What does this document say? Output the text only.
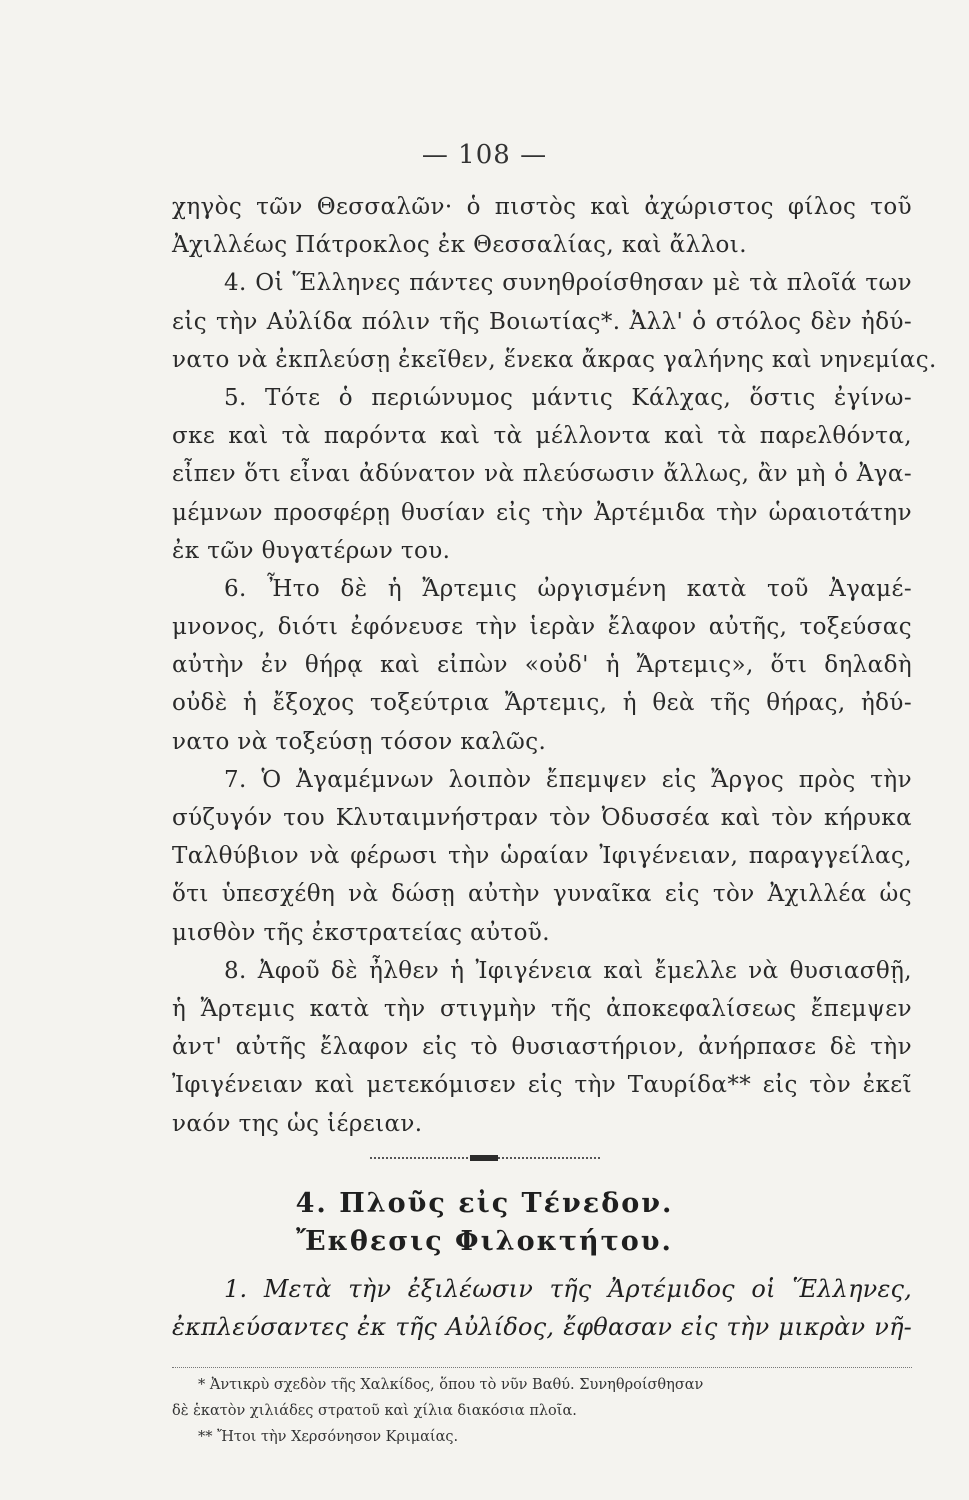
— 108 —
χηγὸς τῶν Θεσσαλῶν· ὁ πιστὸς καὶ ἀχώριστος φίλος τοῦ
Ἀχιλλέως Πάτροκλος ἐκ Θεσσαλίας, καὶ ἄλλοι.
4. Οἱ Ἕλληνες πάντες συνηθροίσθησαν μὲ τὰ πλοῖά των
εἰς τὴν Αὐλίδα πόλιν τῆς Βοιωτίας*. Ἀλλ' ὁ στόλος δὲν ἠδύ-
νατο νὰ ἐκπλεύσῃ ἐκεῖθεν, ἕνεκα ἄκρας γαλήνης καὶ νηνεμίας.
5. Τότε ὁ περιώνυμος μάντις Κάλχας, ὅστις ἐγίνω-
σκε καὶ τὰ παρόντα καὶ τὰ μέλλοντα καὶ τὰ παρελθόντα,
εἶπεν ὅτι εἶναι ἀδύνατον νὰ πλεύσωσιν ἄλλως, ἂν μὴ ὁ Ἀγα-
μέμνων προσφέρῃ θυσίαν εἰς τὴν Ἀρτέμιδα τὴν ὡραιοτάτην
ἐκ τῶν θυγατέρων του.
6. Ἦτο δὲ ἡ Ἄρτεμις ὠργισμένη κατὰ τοῦ Ἀγαμέ-
μνονος, διότι ἐφόνευσε τὴν ἱερὰν ἔλαφον αὐτῆς, τοξεύσας
αὐτὴν ἐν θήρᾳ καὶ εἰπὼν «οὐδ' ἡ Ἄρτεμις», ὅτι δηλαδὴ
οὐδὲ ἡ ἔξοχος τοξεύτρια Ἄρτεμις, ἡ θεὰ τῆς θήρας, ἠδύ-
νατο νὰ τοξεύσῃ τόσον καλῶς.
7. Ὁ Ἀγαμέμνων λοιπὸν ἔπεμψεν εἰς Ἄργος πρὸς τὴν
σύζυγόν του Κλυταιμνήστραν τὸν Ὀδυσσέα καὶ τὸν κήρυκα
Ταλθύβιον νὰ φέρωσι τὴν ὡραίαν Ἰφιγένειαν, παραγγείλας,
ὅτι ὑπεσχέθη νὰ δώσῃ αὐτὴν γυναῖκα εἰς τὸν Ἀχιλλέα ὡς
μισθὸν τῆς ἐκστρατείας αὐτοῦ.
8. Ἀφοῦ δὲ ἦλθεν ἡ Ἰφιγένεια καὶ ἔμελλε νὰ θυσιασθῇ,
ἡ Ἄρτεμις κατὰ τὴν στιγμὴν τῆς ἀποκεφαλίσεως ἔπεμψεν
ἀντ' αὐτῆς ἔλαφον εἰς τὸ θυσιαστήριον, ἀνήρπασε δὲ τὴν
Ἰφιγένειαν καὶ μετεκόμισεν εἰς τὴν Ταυρίδα** εἰς τὸν ἐκεῖ
ναόν της ὡς ἱέρειαν.
4. Πλοῦς εἰς Τένεδον.
Ἔκθεσις Φιλοκτήτου.
1. Μετὰ τὴν ἐξιλέωσιν τῆς Ἀρτέμιδος οἱ Ἕλληνες,
ἐκπλεύσαντες ἐκ τῆς Αὐλίδος, ἔφθασαν εἰς τὴν μικρὰν νῆ-
* Ἀντικρὺ σχεδὸν τῆς Χαλκίδος, ὅπου τὸ νῦν Βαθύ. Συνηθροίσθησαν
δὲ ἑκατὸν χιλιάδες στρατοῦ καὶ χίλια διακόσια πλοῖα.
** Ἤτοι τὴν Χερσόνησον Κριμαίας.
